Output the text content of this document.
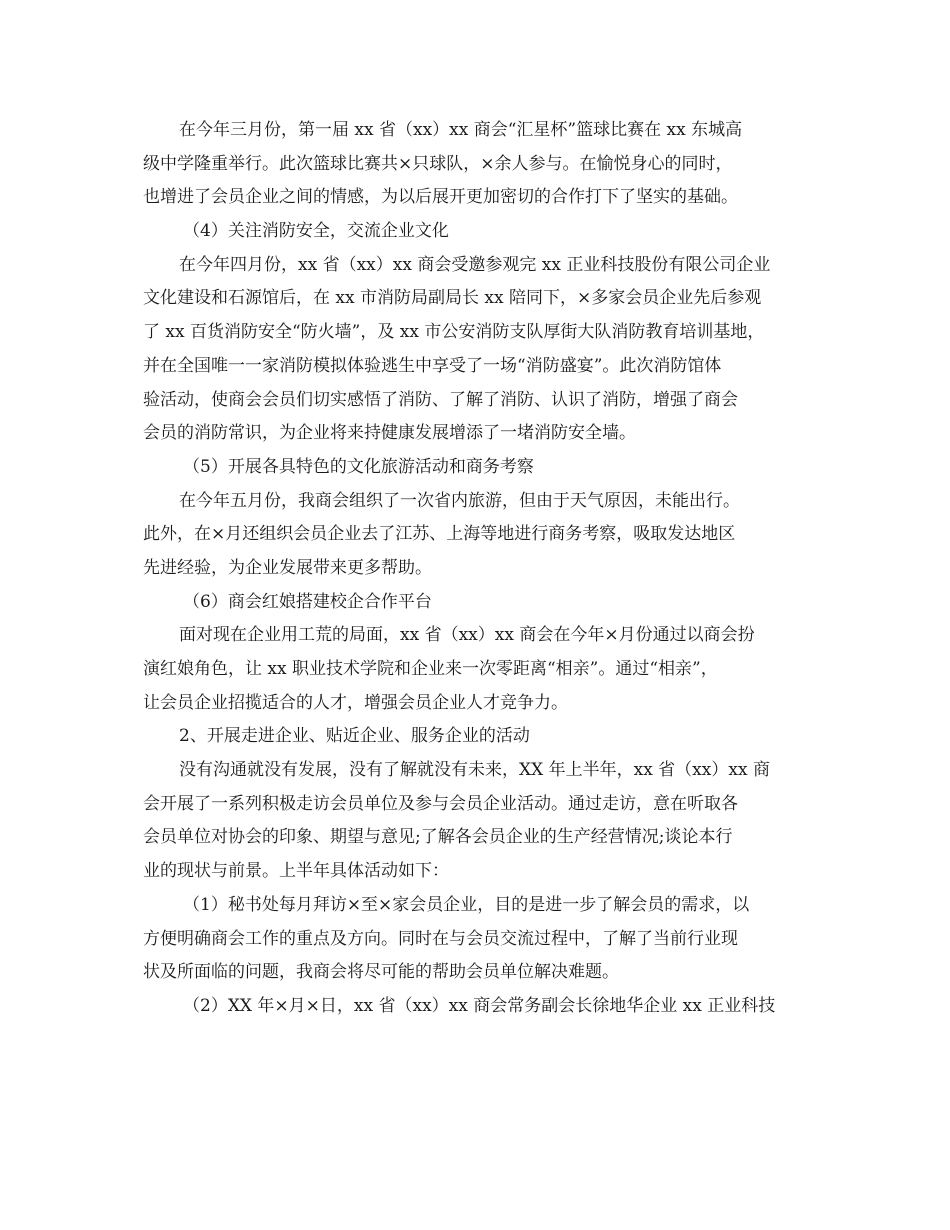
在今年三月份，第一届 xx 省（xx）xx 商会“汇星杯”篮球比赛在 xx 东城高
级中学隆重举行。此次篮球比赛共×只球队，×余人参与。在愉悦身心的同时，
也增进了会员企业之间的情感，为以后展开更加密切的合作打下了坚实的基础。
（4）关注消防安全，交流企业文化
在今年四月份，xx 省（xx）xx 商会受邀参观完 xx 正业科技股份有限公司企业
文化建设和石源馆后，在 xx 市消防局副局长 xx 陪同下，×多家会员企业先后参观
了 xx 百货消防安全“防火墙”，及 xx 市公安消防支队厚街大队消防教育培训基地，
并在全国唯一一家消防模拟体验逃生中享受了一场“消防盛宴”。此次消防馆体
验活动，使商会会员们切实感悟了消防、了解了消防、认识了消防，增强了商会
会员的消防常识，为企业将来持健康发展增添了一堵消防安全墙。
（5）开展各具特色的文化旅游活动和商务考察
在今年五月份，我商会组织了一次省内旅游，但由于天气原因，未能出行。
此外，在×月还组织会员企业去了江苏、上海等地进行商务考察，吸取发达地区
先进经验，为企业发展带来更多帮助。
（6）商会红娘搭建校企合作平台
面对现在企业用工荒的局面，xx 省（xx）xx 商会在今年×月份通过以商会扮
演红娘角色，让 xx 职业技术学院和企业来一次零距离“相亲”。通过“相亲”，
让会员企业招揽适合的人才，增强会员企业人才竞争力。
2、开展走进企业、贴近企业、服务企业的活动
没有沟通就没有发展，没有了解就没有未来，XX 年上半年，xx 省（xx）xx 商
会开展了一系列积极走访会员单位及参与会员企业活动。通过走访，意在听取各
会员单位对协会的印象、期望与意见;了解各会员企业的生产经营情况;谈论本行
业的现状与前景。上半年具体活动如下：
（1）秘书处每月拜访×至×家会员企业，目的是进一步了解会员的需求，以
方便明确商会工作的重点及方向。同时在与会员交流过程中，了解了当前行业现
状及所面临的问题，我商会将尽可能的帮助会员单位解决难题。
（2）XX 年×月×日，xx 省（xx）xx 商会常务副会长徐地华企业 xx 正业科技
